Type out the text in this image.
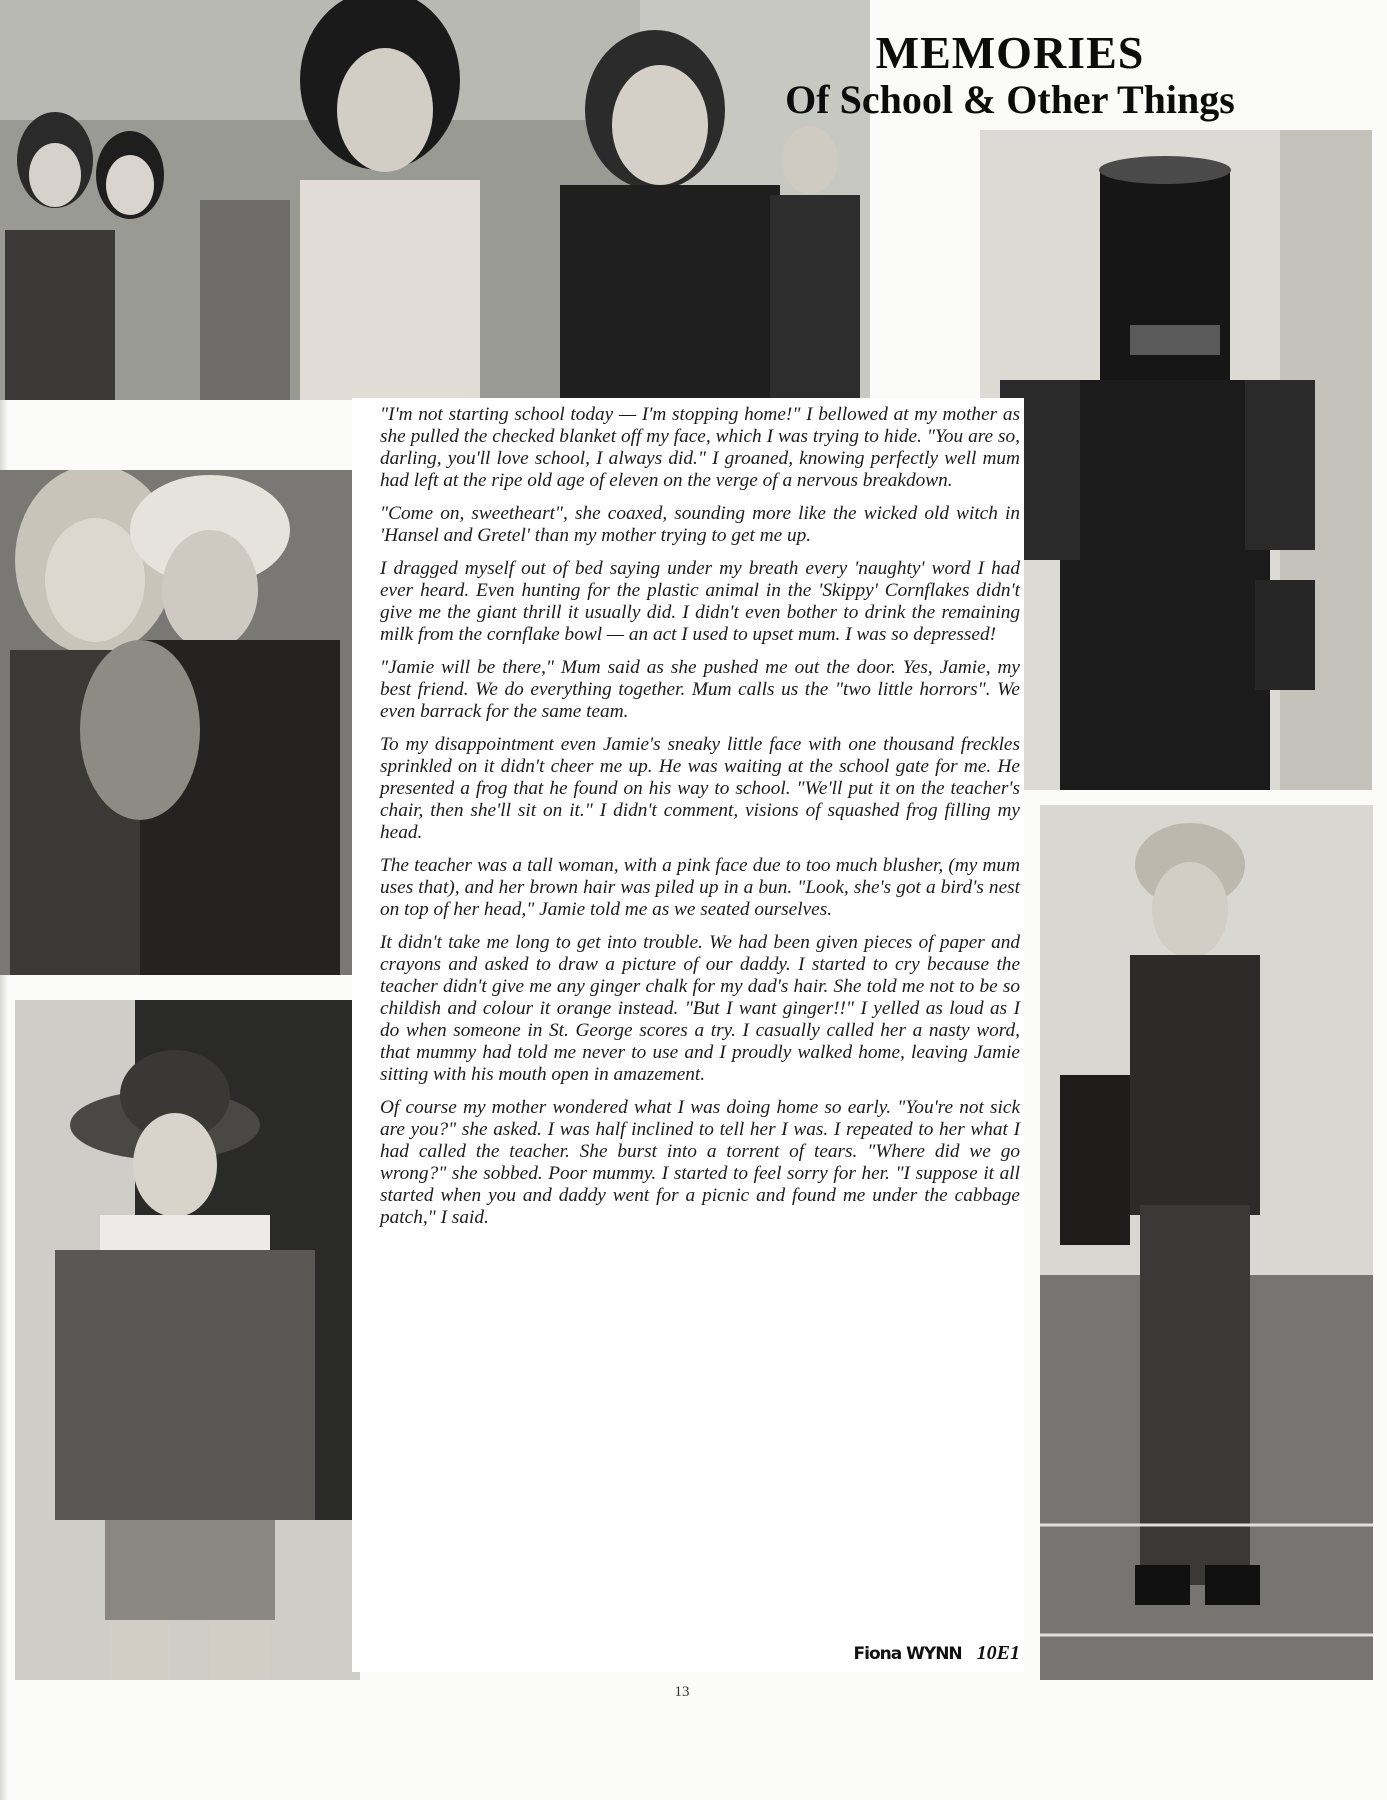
MEMORIES
Of School & Other Things

"I'm not starting school today — I'm stopping home!" I bellowed at my mother as she pulled the checked blanket off my face, which I was trying to hide. "You are so, darling, you'll love school, I always did." I groaned, knowing perfectly well mum had left at the ripe old age of eleven on the verge of a nervous breakdown.

"Come on, sweetheart", she coaxed, sounding more like the wicked old witch in 'Hansel and Gretel' than my mother trying to get me up.

I dragged myself out of bed saying under my breath every 'naughty' word I had ever heard. Even hunting for the plastic animal in the 'Skippy' Cornflakes didn't give me the giant thrill it usually did. I didn't even bother to drink the remaining milk from the cornflake bowl — an act I used to upset mum. I was so depressed!

"Jamie will be there," Mum said as she pushed me out the door. Yes, Jamie, my best friend. We do everything together. Mum calls us the "two little horrors". We even barrack for the same team.

To my disappointment even Jamie's sneaky little face with one thousand freckles sprinkled on it didn't cheer me up. He was waiting at the school gate for me. He presented a frog that he found on his way to school. "We'll put it on the teacher's chair, then she'll sit on it." I didn't comment, visions of squashed frog filling my head.

The teacher was a tall woman, with a pink face due to too much blusher, (my mum uses that), and her brown hair was piled up in a bun. "Look, she's got a bird's nest on top of her head," Jamie told me as we seated ourselves.

It didn't take me long to get into trouble. We had been given pieces of paper and crayons and asked to draw a picture of our daddy. I started to cry because the teacher didn't give me any ginger chalk for my dad's hair. She told me not to be so childish and colour it orange instead. "But I want ginger!!" I yelled as loud as I do when someone in St. George scores a try. I casually called her a nasty word, that mummy had told me never to use and I proudly walked home, leaving Jamie sitting with his mouth open in amazement.

Of course my mother wondered what I was doing home so early. "You're not sick are you?" she asked. I was half inclined to tell her I was. I repeated to her what I had called the teacher. She burst into a torrent of tears. "Where did we go wrong?" she sobbed. Poor mummy. I started to feel sorry for her. "I suppose it all started when you and daddy went for a picnic and found me under the cabbage patch," I said.

Fiona WYNN 10E1
13
